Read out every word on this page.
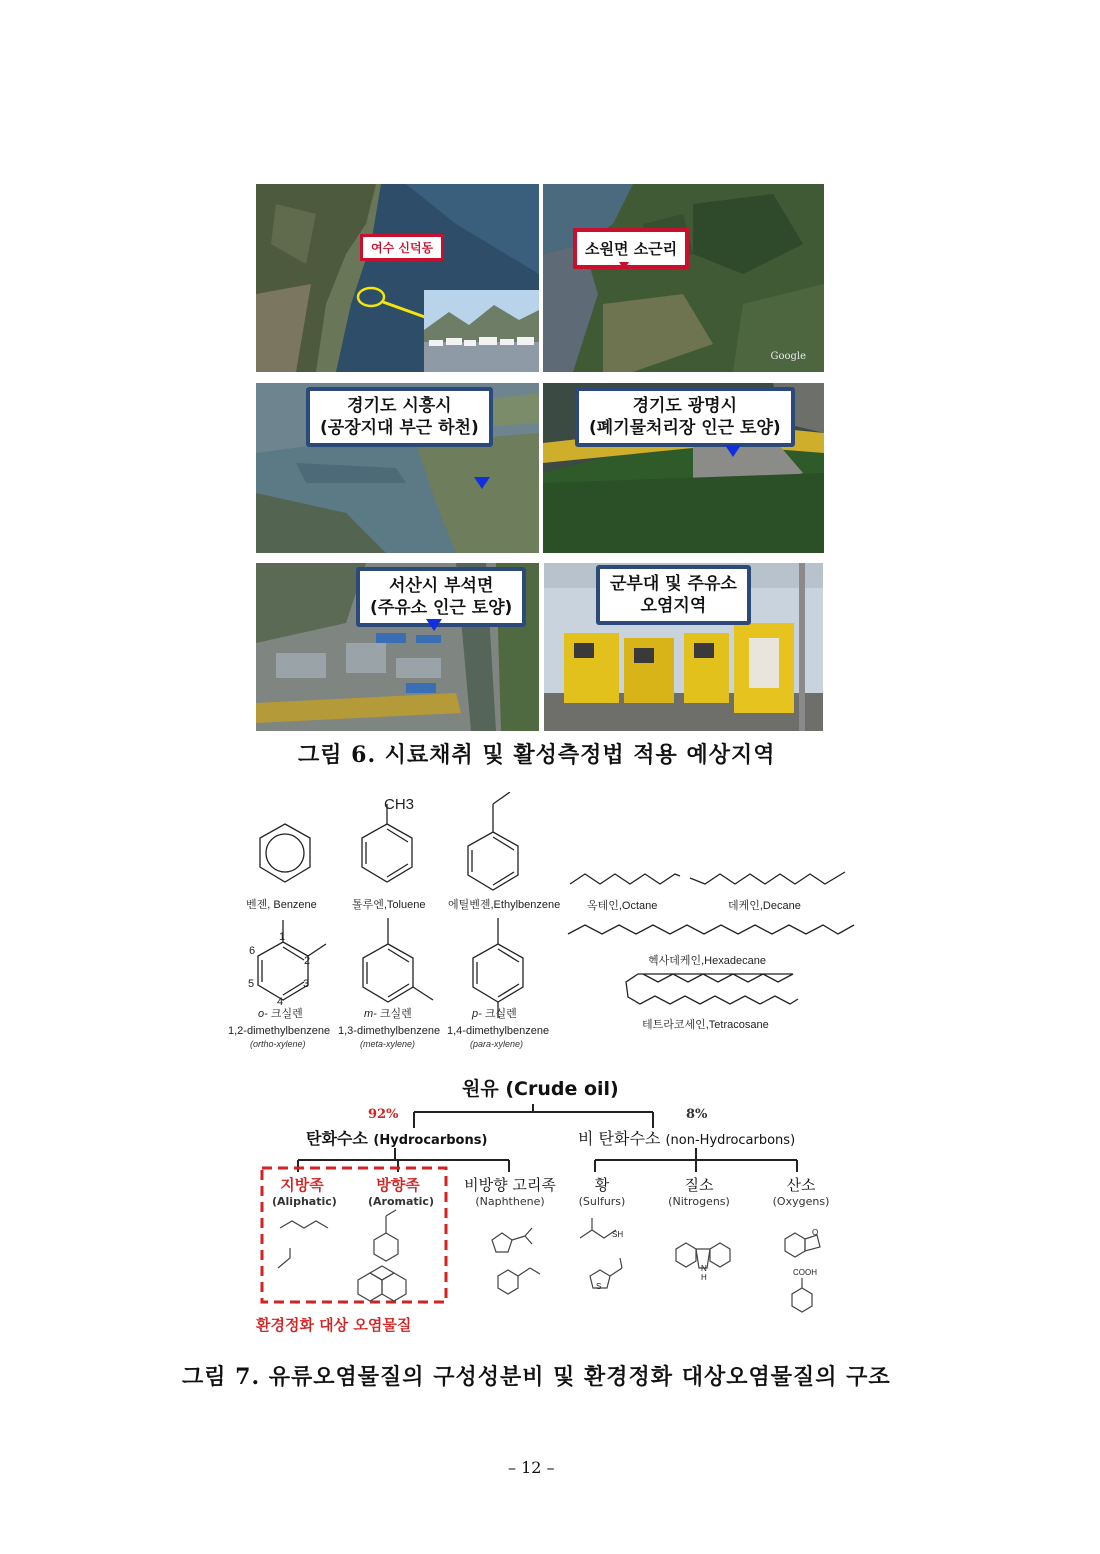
여수 신덕동	소원면 소근리
Google
경기도 시흥시
(공장지대 부근 하천)
경기도 광명시
(폐기물처리장 인근 토양)
서산시 부석면
(주유소 인근 토양)
군부대 및 주유소
오염지역
그림 6. 시료채취 및 활성측정법 적용 예상지역
CH3
벤젠, Benzene	톨루엔,Toluene 에틸벤젠,Ethylbenzene
1
2
3
4
5
6
o- 크실렌	m- 크실렌	p- 크실렌
1,2-dimethylbenzene 1,3-dimethylbenzene 1,4-dimethylbenzene
(ortho-xylene)	(meta-xylene)	(para-xylene)
옥테인,Octane	데케인,Decane
헥사데케인,Hexadecane
테트라코세인,Tetracosane
원유 (Crude oil)
92%	8%
탄화수소 (Hydrocarbons)	비 탄화수소 (non-Hydrocarbons)
지방족
(Aliphatic)
방향족
(Aromatic)
비방향 고리족
(Naphthene)
황
(Sulfurs)
질소
(Nitrogens)
산소
(Oxygens)
SH
S
N
H
O
COOH
환경정화 대상 오염물질
그림 7. 유류오염물질의 구성성분비 및 환경정화 대상오염물질의 구조
– 12 –
